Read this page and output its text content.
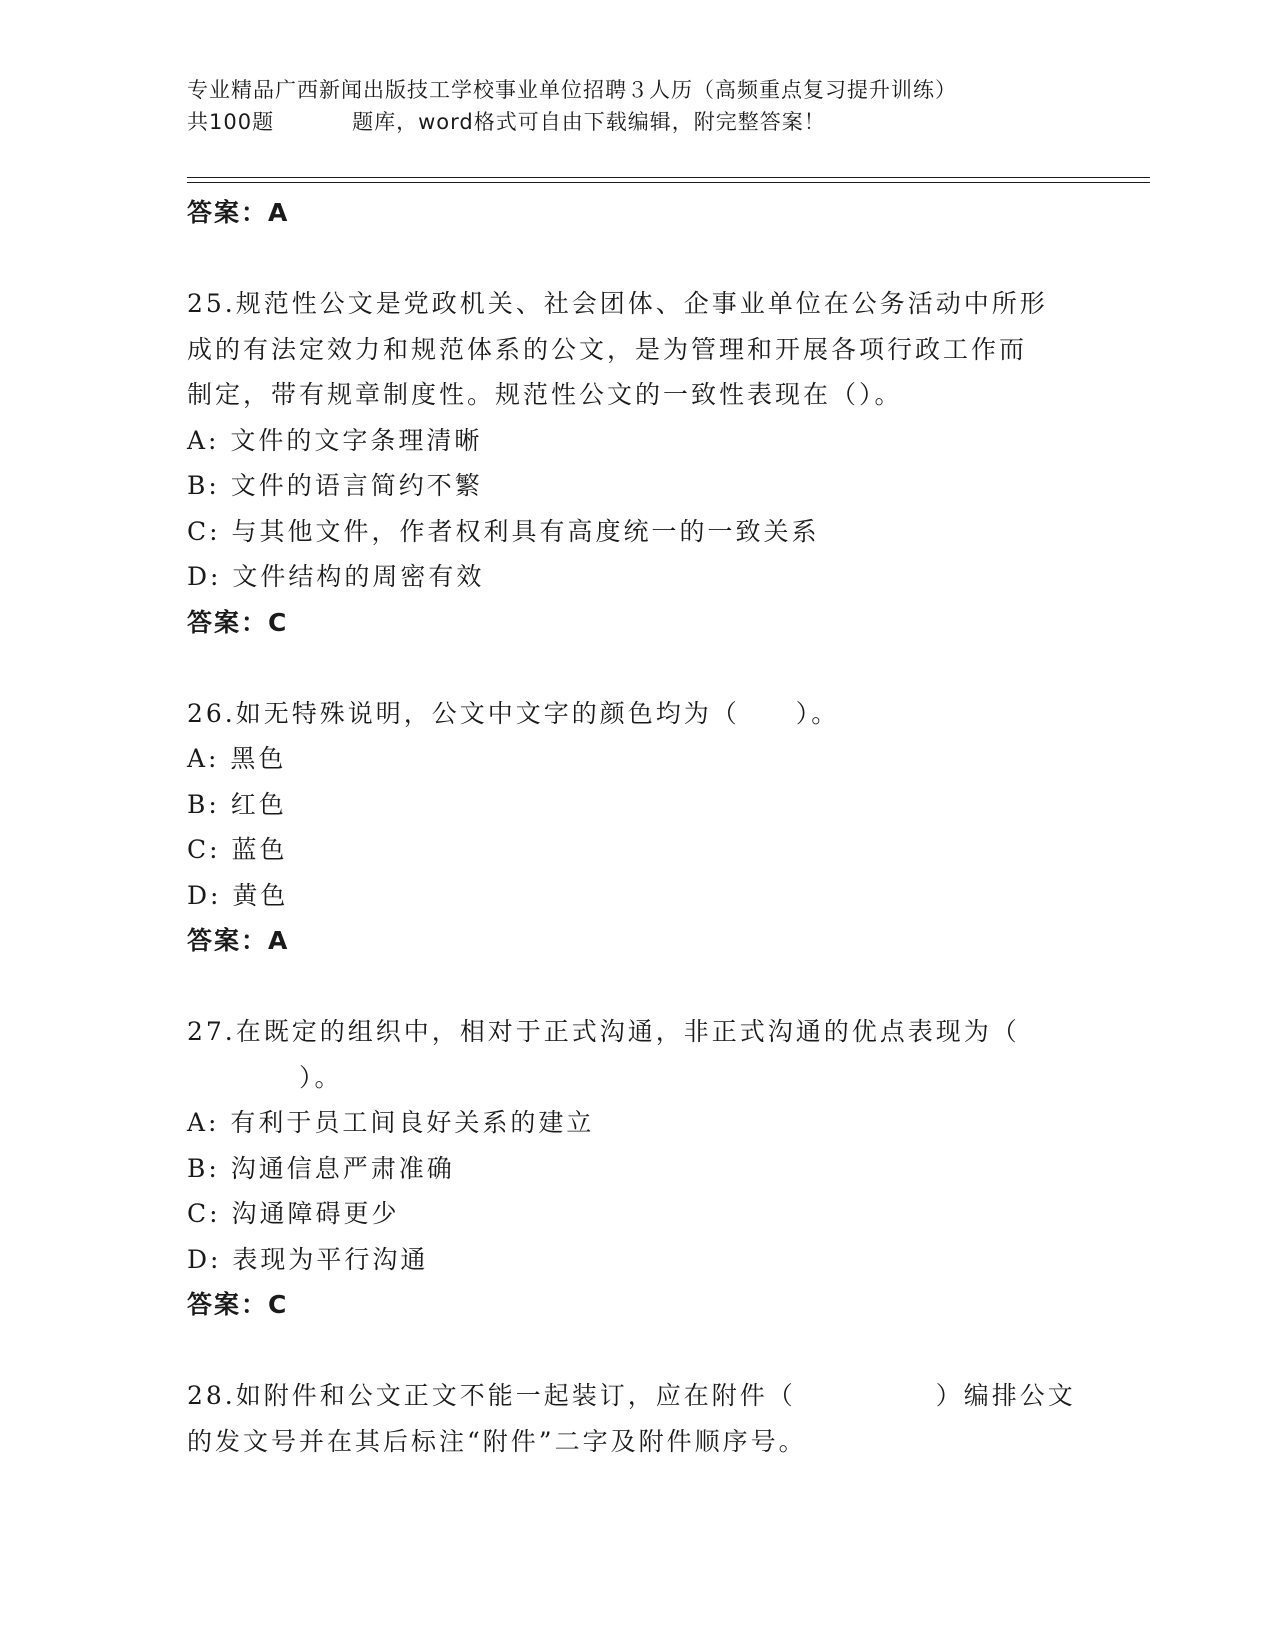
专业精品广西新闻出版技工学校事业单位招聘３人历（高频重点复习提升训练）
共100题	题库，word格式可自由下载编辑，附完整答案！
答案：A
25.规范性公文是党政机关、社会团体、企事业单位在公务活动中所形
成的有法定效力和规范体系的公文，是为管理和开展各项行政工作而
制定，带有规章制度性。规范性公文的一致性表现在（）。
A: 文件的文字条理清晰
B: 文件的语言简约不繁
C: 与其他文件，作者权利具有高度统一的一致关系
D: 文件结构的周密有效
答案：C
26.如无特殊说明，公文中文字的颜色均为（　　）。
A: 黑色
B: 红色
C: 蓝色
D: 黄色
答案：A
27.在既定的组织中，相对于正式沟通，非正式沟通的优点表现为（
　　　　）。
A: 有利于员工间良好关系的建立
B: 沟通信息严肃准确
C: 沟通障碍更少
D: 表现为平行沟通
答案：C
28.如附件和公文正文不能一起装订，应在附件（　　　　　）编排公文
的发文号并在其后标注“附件”二字及附件顺序号。
